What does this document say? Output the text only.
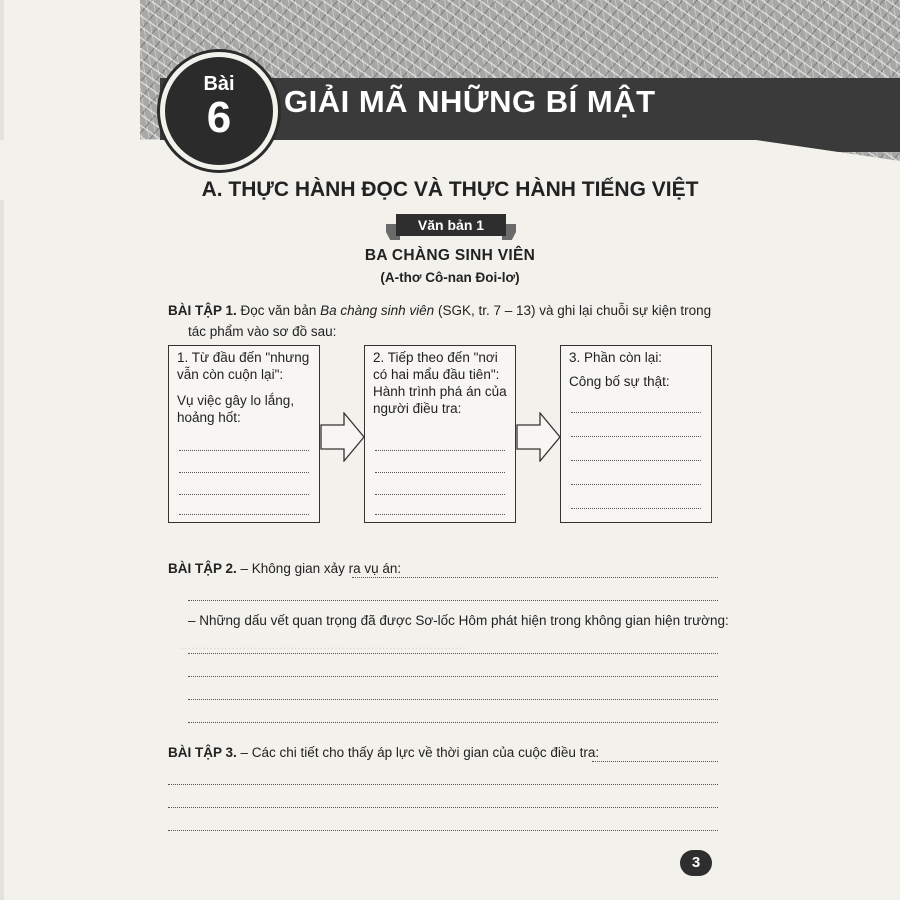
……………………………………………………………………
Bài
6	GIẢI MÃ NHỮNG BÍ MẬT
A. THỰC HÀNH ĐỌC VÀ THỰC HÀNH TIẾNG VIỆT
Văn bản 1
BA CHÀNG SINH VIÊN
(A-thơ Cô-nan Đoi-lơ)
BÀI TẬP 1. Đọc văn bản Ba chàng sinh viên (SGK, tr. 7 – 13) và ghi lại chuỗi sự kiện trong
tác phẩm vào sơ đồ sau:
1. Từ đầu đến "nhưng
vẫn còn cuộn lại":
Vụ việc gây lo lắng,
hoảng hốt:
2. Tiếp theo đến "nơi
có hai mẩu đầu tiên":
Hành trình phá án của
người điều tra:
3. Phần còn lại:
Công bố sự thật:
BÀI TẬP 2. – Không gian xảy ra vụ án:
– Những dấu vết quan trọng đã được Sơ-lốc Hôm phát hiện trong không gian hiện trường:
BÀI TẬP 3. – Các chi tiết cho thấy áp lực về thời gian của cuộc điều tra:
3
